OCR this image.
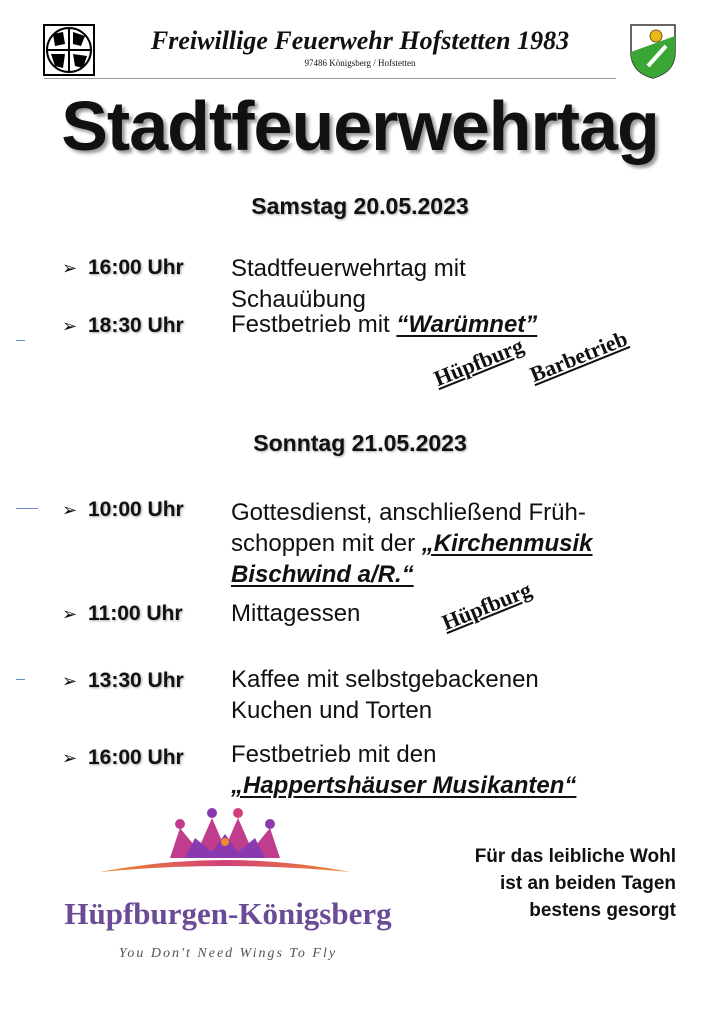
Freiwillige Feuerwehr Hofstetten 1983
97486 Königsberg / Hofstetten
Stadtfeuerwehrtag
Samstag 20.05.2023
➢ 16:00 Uhr Stadtfeuerwehrtag mit
Schauübung
➢ 18:30 Uhr Festbetrieb mit “Warümnet”
Hüpfburg Barbetrieb
Sonntag 21.05.2023
➢ 10:00 Uhr Gottesdienst, anschließend Früh-
schoppen mit der „Kirchenmusik
Bischwind a/R.“
➢ 11:00 Uhr Mittagessen	Hüpfburg
➢ 13:30 Uhr Kaffee mit selbstgebackenen
Kuchen und Torten
➢ 16:00 Uhr Festbetrieb mit den
„Happertshäuser Musikanten“
Hüpfburgen-Königsberg
You Don't Need Wings To Fly
Für das leibliche Wohl
ist an beiden Tagen
bestens gesorgt
